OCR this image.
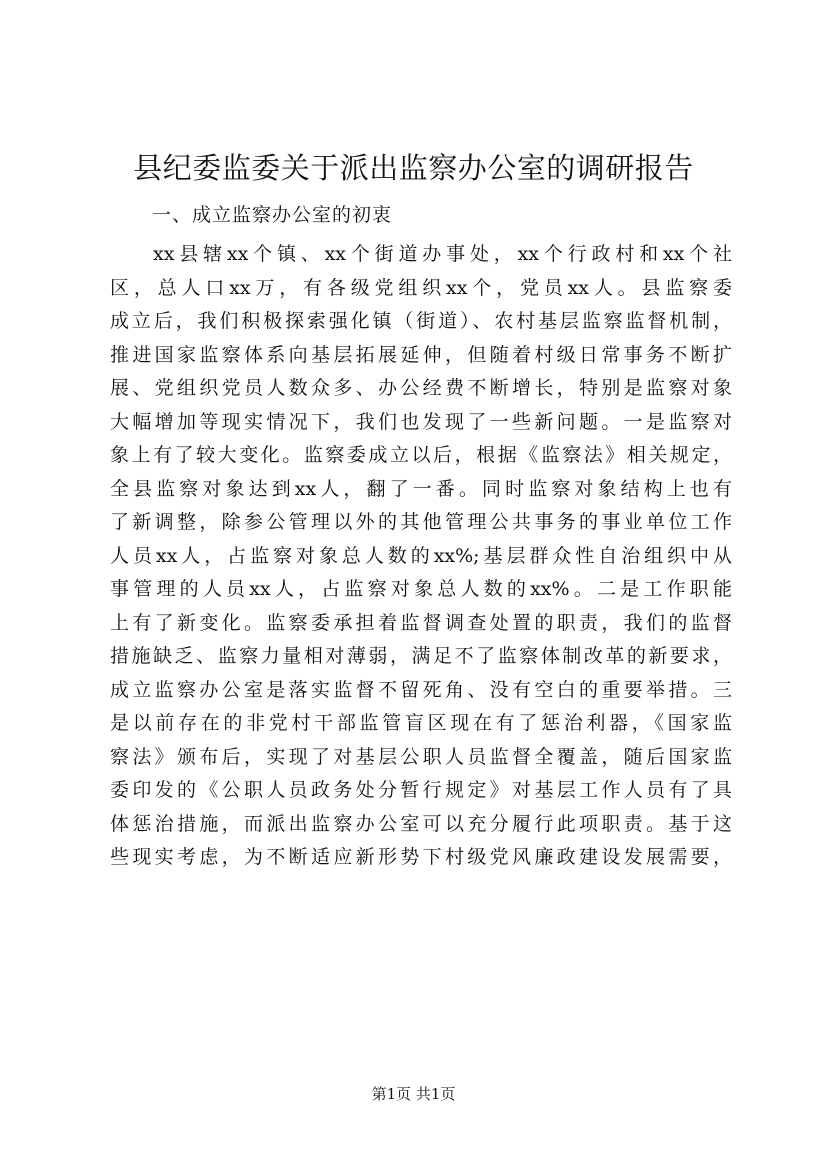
县纪委监委关于派出监察办公室的调研报告

一、成立监察办公室的初衷

xx县辖xx个镇、xx个街道办事处，xx个行政村和xx个社
区，总人口xx万，有各级党组织xx个，党员xx人。县监察委
成立后，我们积极探索强化镇（街道）、农村基层监察监督机制，
推进国家监察体系向基层拓展延伸，但随着村级日常事务不断扩
展、党组织党员人数众多、办公经费不断增长，特别是监察对象
大幅增加等现实情况下，我们也发现了一些新问题。一是监察对
象上有了较大变化。监察委成立以后，根据《监察法》相关规定，
全县监察对象达到xx人，翻了一番。同时监察对象结构上也有
了新调整，除参公管理以外的其他管理公共事务的事业单位工作
人员xx人，占监察对象总人数的xx%;基层群众性自治组织中从
事管理的人员xx人，占监察对象总人数的xx%。二是工作职能
上有了新变化。监察委承担着监督调查处置的职责，我们的监督
措施缺乏、监察力量相对薄弱，满足不了监察体制改革的新要求，
成立监察办公室是落实监督不留死角、没有空白的重要举措。三
是以前存在的非党村干部监管盲区现在有了惩治利器，《国家监
察法》颁布后，实现了对基层公职人员监督全覆盖，随后国家监
委印发的《公职人员政务处分暂行规定》对基层工作人员有了具
体惩治措施，而派出监察办公室可以充分履行此项职责。基于这
些现实考虑，为不断适应新形势下村级党风廉政建设发展需要，

第1页 共1页
